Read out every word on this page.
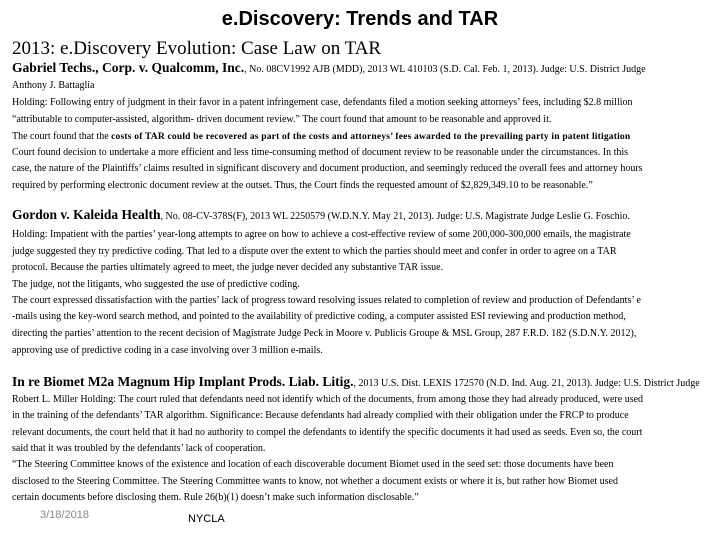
e.Discovery: Trends and TAR
2013: e.Discovery Evolution: Case Law on TAR
Gabriel Techs., Corp. v. Qualcomm, Inc., No. 08CV1992 AJB (MDD), 2013 WL 410103 (S.D. Cal. Feb. 1, 2013). Judge: U.S. District Judge
Anthony J. Battaglia
Holding: Following entry of judgment in their favor in a patent infringement case, defendants filed a motion seeking attorneys’ fees, including $2.8 million
“attributable to computer-assisted, algorithm- driven document review.” The court found that amount to be reasonable and approved it.
The court found that the costs of TAR could be recovered as part of the costs and attorneys’ fees awarded to the prevailing party in patent litigation
Court found decision to undertake a more efficient and less time-consuming method of document review to be reasonable under the circumstances. In this
case, the nature of the Plaintiffs’ claims resulted in significant discovery and document production, and seemingly reduced the overall fees and attorney hours
required by performing electronic document review at the outset. Thus, the Court finds the requested amount of $2,829,349.10 to be reasonable.”
Gordon v. Kaleida Health, No. 08-CV-378S(F), 2013 WL 2250579 (W.D.N.Y. May 21, 2013). Judge: U.S. Magistrate Judge Leslie G. Foschio.
Holding: Impatient with the parties’ year-long attempts to agree on how to achieve a cost-effective review of some 200,000-300,000 emails, the magistrate
judge suggested they try predictive coding. That led to a dispute over the extent to which the parties should meet and confer in order to agree on a TAR
protocol. Because the parties ultimately agreed to meet, the judge never decided any substantive TAR issue.
The judge, not the litigants, who suggested the use of predictive coding.
The court expressed dissatisfaction with the parties’ lack of progress toward resolving issues related to completion of review and production of Defendants’ e
-mails using the key-word search method, and pointed to the availability of predictive coding, a computer assisted ESI reviewing and production method,
directing the parties’ attention to the recent decision of Magistrate Judge Peck in Moore v. Publicis Groupe & MSL Group, 287 F.R.D. 182 (S.D.N.Y. 2012),
approving use of predictive coding in a case involving over 3 million e-mails.
In re Biomet M2a Magnum Hip Implant Prods. Liab. Litig., 2013 U.S. Dist. LEXIS 172570 (N.D. Ind. Aug. 21, 2013). Judge: U.S. District Judge
Robert L. Miller Holding: The court ruled that defendants need not identify which of the documents, from among those they had already produced, were used
in the training of the defendants’ TAR algorithm. Significance: Because defendants had already complied with their obligation under the FRCP to produce
relevant documents, the court held that it had no authority to compel the defendants to identify the specific documents it had used as seeds. Even so, the court
said that it was troubled by the defendants’ lack of cooperation.
“The Steering Committee knows of the existence and location of each discoverable document Biomet used in the seed set: those documents have been
disclosed to the Steering Committee. The Steering Committee wants to know, not whether a document exists or where it is, but rather how Biomet used
certain documents before disclosing them. Rule 26(b)(1) doesn’t make such information disclosable.”
3/18/2018	NYCLA
